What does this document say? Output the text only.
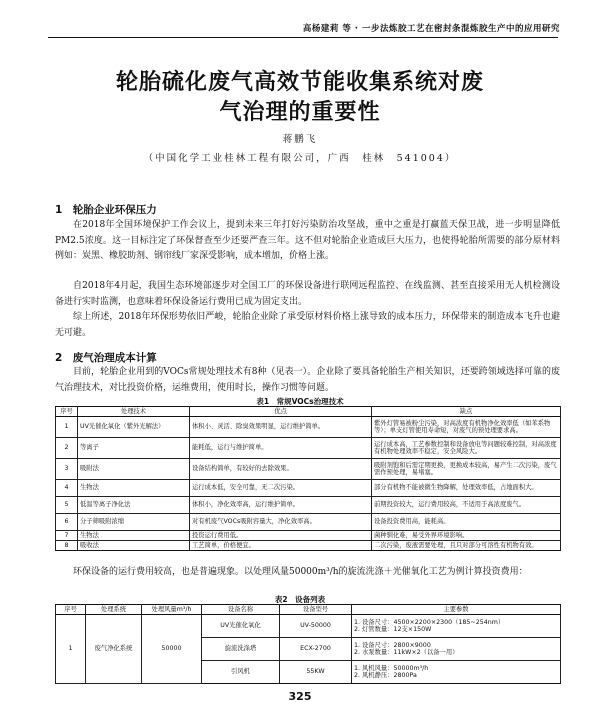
高杨建莉 等 · 一步法炼胶工艺在密封条混炼胶生产中的应用研究
轮胎硫化废气高效节能收集系统对废
气治理的重要性
蒋鹏飞
（中国化学工业桂林工程有限公司，广西　桂林　541004）
1　轮胎企业环保压力

在2018年全国环境保护工作会议上，提到未来三年打好污染防治攻坚战，重中之重是打赢蓝天保卫战，进一步明显降低PM2.5浓度。这一目标注定了环保督查至少还要严查三年。这不但对轮胎企业造成巨大压力，也使得轮胎所需要的部分原材料例如：炭黑、橡胶助剂、钢帘线厂家深受影响，成本增加，价格上涨。

自2018年4月起，我国生态环境部逐步对全国工厂的环保设备进行联网远程监控、在线监测、甚至直接采用无人机检测设备进行实时监测，也意味着环保设备运行费用已成为固定支出。

综上所述，2018年环保形势依旧严峻，轮胎企业除了承受原材料价格上涨导致的成本压力，环保带来的制造成本飞升也避无可避。

2　废气治理成本计算

目前，轮胎企业用到的VOCs常规处理技术有8种（见表一）。企业除了要具备轮胎生产相关知识，还要跨领域选择可靠的废气治理技术，对比投资价格，运维费用，使用时长，操作习惯等问题。

表1　常规VOCs治理技术
序号	处理技术	优点	缺点
1	UV光催化氧化（紫外光解法）	体积小、灵活、除臭效果明显，运行维护简单。	紫外灯管易被粉尘污染，对高浓度有机物净化效率低（如苯系物等）；单支灯管使用寿命短，对废气的预处理要求高。
2	等离子	能耗低，运行与维护简单。	运行成本高，工艺参数控制和设备放电等问题较难控制，对高浓度有机物处理效率不稳定，安全风险大。
3	吸附法	设备结构简单，有较好的去除效果。	吸附剂饱和后需定期更换，更换成本较高，易产生二次污染，废气需作预处理，易堵塞。
4	生物法	运行成本低，安全可靠，无二次污染。	部分有机物不能被微生物降解，处理效率低，占地面积大。
5	低温等离子净化法	体积小，净化效率高，运行维护简单。	前期投资较大，运行费用较高，不适用于高浓度废气。
6	分子筛吸附浓缩	对有机废气VOCs吸附容量大，净化效率高。	设备投资费用高，能耗高。
7	生物法	投资运行费用低。	菌种驯化难，易受外界环境影响。
8	吸收法	工艺简单，价格便宜。	二次污染，废液需要处理，且只对部分可溶性有机物有效。

环保设备的运行费用较高，也是普遍现象。以处理风量50000m³/h的旋流洗涤＋光催氧化工艺为例计算投资费用：

表2　设备列表
序号	处理系统	处理风量m³/h	设备名称	设备型号	主要参数
1	废气净化系统	50000	UV光催化氧化	UV-50000	1. 设备尺寸：4500×2200×2300（185~254nm）
2. 灯管数量：12支×150W
			旋流洗涤塔	ECX-2700	1. 设备尺寸：2800×9000
2. 水泵数量：11kW×2（以备一用）
			引风机	55KW	1. 风机风量：50000m³/h
2. 风机静压：2800Pa
325
